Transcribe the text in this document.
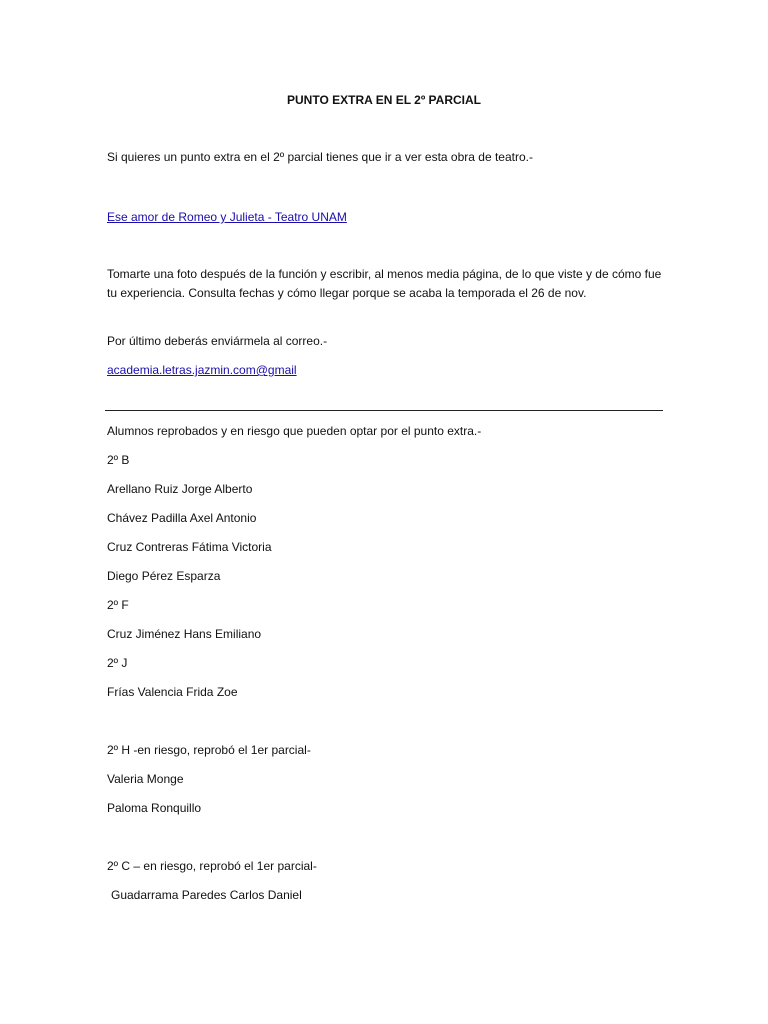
PUNTO EXTRA EN EL 2º PARCIAL
Si quieres un punto extra en el 2º parcial tienes que ir a ver esta obra de teatro.-
Ese amor de Romeo y Julieta - Teatro UNAM
Tomarte una foto después de la función y escribir, al menos media página, de lo que viste y de cómo fue tu experiencia. Consulta fechas y cómo llegar porque se acaba la temporada el 26 de nov.
Por último deberás enviármela al correo.-
academia.letras.jazmin.com@gmail
Alumnos reprobados y en riesgo que pueden optar por el punto extra.-
2º B
Arellano Ruiz Jorge Alberto
Chávez Padilla Axel Antonio
Cruz Contreras Fátima Victoria
Diego Pérez Esparza
2º F
Cruz Jiménez Hans Emiliano
2º J
Frías Valencia Frida Zoe
2º H -en riesgo, reprobó el 1er parcial-
Valeria Monge
Paloma Ronquillo
2º C – en riesgo, reprobó el 1er parcial-
Guadarrama Paredes Carlos Daniel
